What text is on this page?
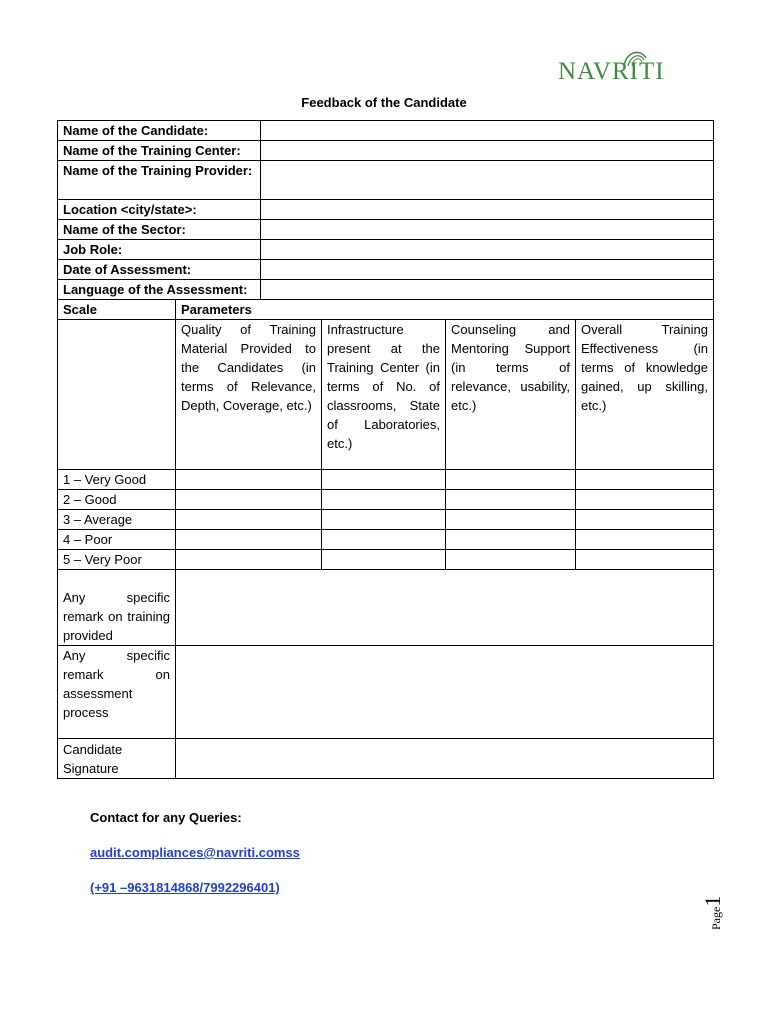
NAVRITI
Feedback of the Candidate
Name of the Candidate:					
Name of the Training Center:					
Name of the Training Provider:					
Location <city/state>:					
Name of the Sector:					
Job Role:					
Date of Assessment:					
Language of the Assessment:					
Scale	Parameters				
	Quality of Training Material Provided to the Candidates (in terms of Relevance, Depth, Coverage, etc.)		Infrastructure present at the Training Center (in terms of No. of classrooms, State of Laboratories, etc.)	Counseling and Mentoring Support (in terms of relevance, usability, etc.)	Overall Training Effectiveness (in terms of knowledge gained, up skilling, etc.)
1 – Very Good					
2 – Good					
3 – Average					
4 – Poor					
5 – Very Poor					
Any specific remark on training provided					
Any specific remark on assessment process					
Candidate Signature					
Contact for any Queries:
audit.compliances@navriti.comss
(+91 –9631814868/7992296401)
Page1
